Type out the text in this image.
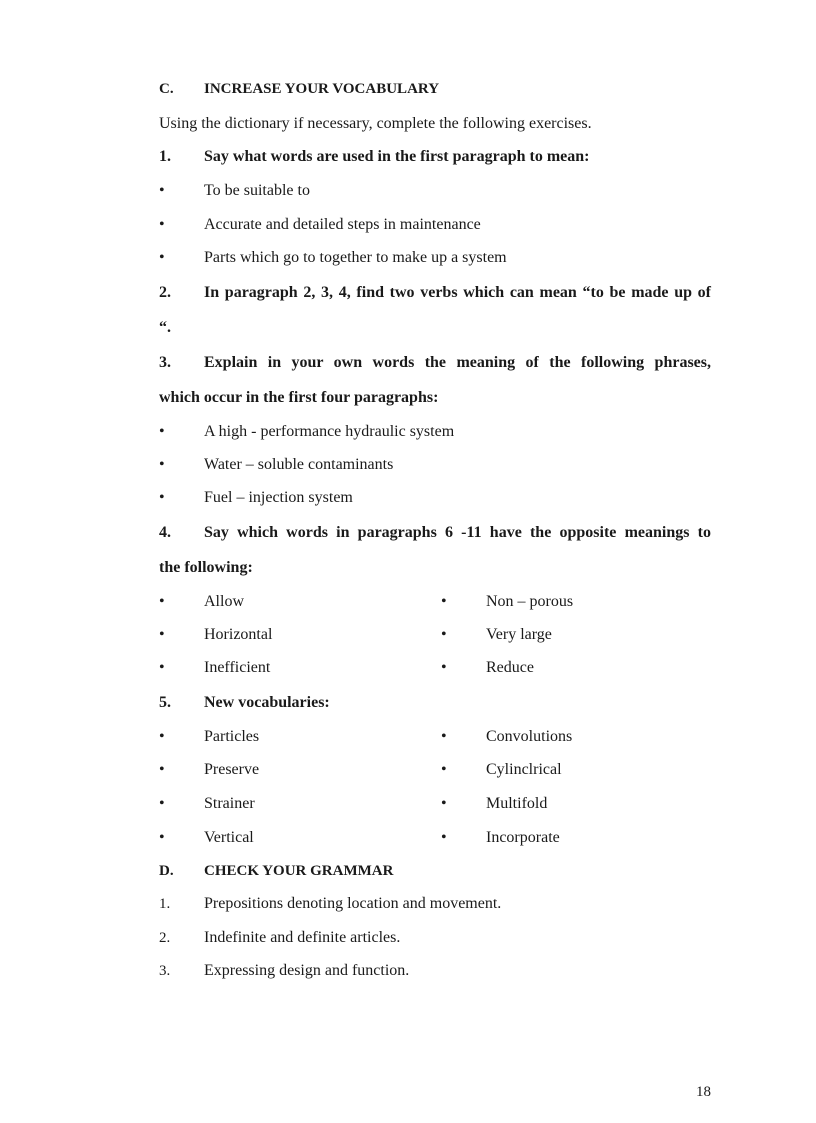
C. INCREASE YOUR VOCABULARY
Using the dictionary if necessary, complete the following exercises.
1. Say what words are used in the first paragraph to mean:
• To be suitable to
• Accurate and detailed steps in maintenance
• Parts which go to together to make up a system
2. In paragraph 2, 3, 4, find two verbs which can mean “to be made up of
“.
3. Explain in your own words the meaning of the following phrases,
which occur in the first four paragraphs:
• A high - performance hydraulic system
• Water – soluble contaminants
• Fuel – injection system
4. Say which words in paragraphs 6 -11 have the opposite meanings to
the following:
• Allow	• Non – porous
• Horizontal	• Very large
• Inefficient	• Reduce
5. New vocabularies:
• Particles	• Convolutions
• Preserve	• Cylinclrical
• Strainer	• Multifold
• Vertical	• Incorporate
D. CHECK YOUR GRAMMAR
1. Prepositions denoting location and movement.
2. Indefinite and definite articles.
3. Expressing design and function.
18
